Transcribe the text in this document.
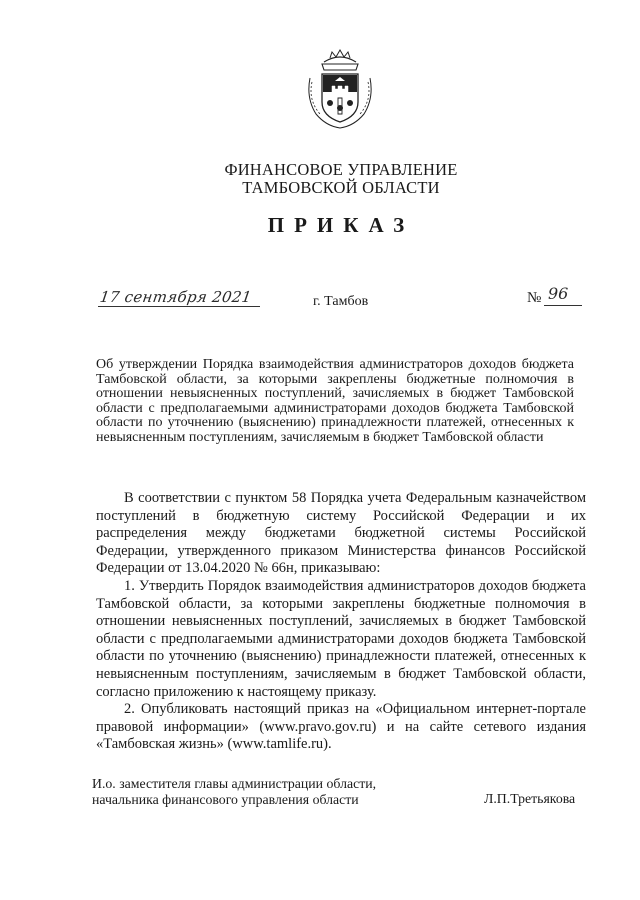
ФИНАНСОВОЕ УПРАВЛЕНИЕ
ТАМБОВСКОЙ ОБЛАСТИ
ПРИКАЗ
17 сентября 2021	г. Тамбов	№ 96
Об утверждении Порядка взаимодействия администраторов доходов бюджета Тамбовской области, за которыми закреплены бюджетные полномочия в отношении невыясненных поступлений, зачисляемых в бюджет Тамбовской области с предполагаемыми администраторами доходов бюджета Тамбовской области по уточнению (выяснению) принадлежности платежей, отнесенных к невыясненным поступлениям, зачисляемым в бюджет Тамбовской области

В соответствии с пунктом 58 Порядка учета Федеральным казначейством поступлений в бюджетную систему Российской Федерации и их распределения между бюджетами бюджетной системы Российской Федерации, утвержденного приказом Министерства финансов Российской Федерации от 13.04.2020 № 66н, приказываю:

1. Утвердить Порядок взаимодействия администраторов доходов бюджета Тамбовской области, за которыми закреплены бюджетные полномочия в отношении невыясненных поступлений, зачисляемых в бюджет Тамбовской области с предполагаемыми администраторами доходов бюджета Тамбовской области по уточнению (выяснению) принадлежности платежей, отнесенных к невыясненным поступлениям, зачисляемым в бюджет Тамбовской области, согласно приложению к настоящему приказу.

2. Опубликовать настоящий приказ на «Официальном интернет-портале правовой информации» (www.pravo.gov.ru) и на сайте сетевого издания «Тамбовская жизнь» (www.tamlife.ru).

И.о. заместителя главы администрации области,
начальника финансового управления области	Л.П.Третьякова
